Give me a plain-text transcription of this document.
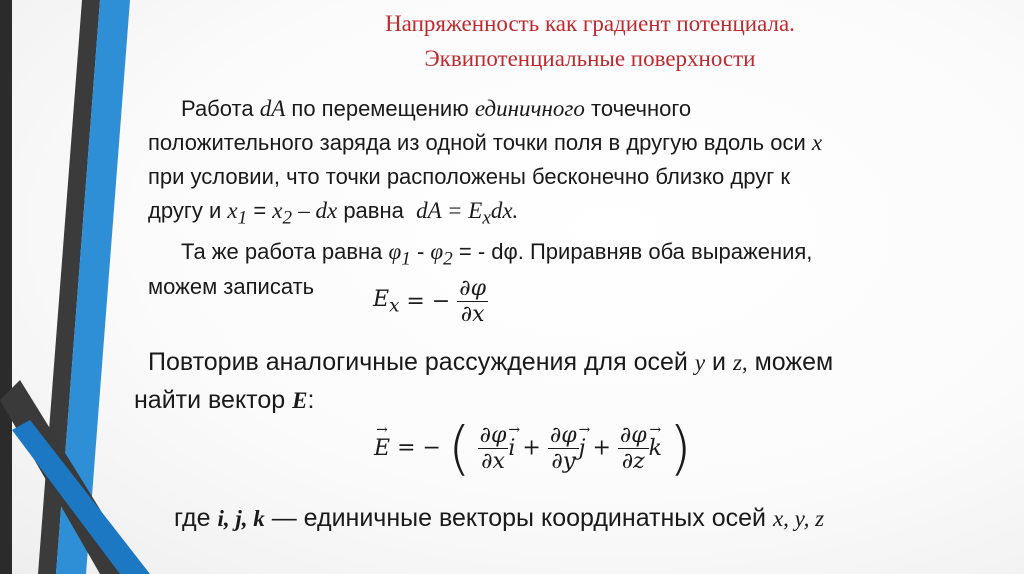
Напряженность как градиент потенциала.
Эквипотенциальные поверхности
Работа dA по перемещению единичного точечного
положительного заряда из одной точки поля в другую вдоль оси x
при условии, что точки расположены бесконечно близко друг к
другу и $x_1 = x_2$ – dx равна dA = $E_xdx$.
Та же работа равна $\varphi_1 - \varphi_2$ = - dφ. Приравняв оба выражения,
можем записать
$E_x$ = − $\frac{\partial\varphi}{\partial x}$
Повторив аналогичные рассуждения для осей y и z, можем
найти вектор E:
E → = − ( $\frac{\partial\varphi}{\partial x}$ i → + $\frac{\partial\varphi}{\partial y}$ j → + $\frac{\partial\varphi}{\partial z}$ k → )
где i, j, k — единичные векторы координатных осей x, y, z
